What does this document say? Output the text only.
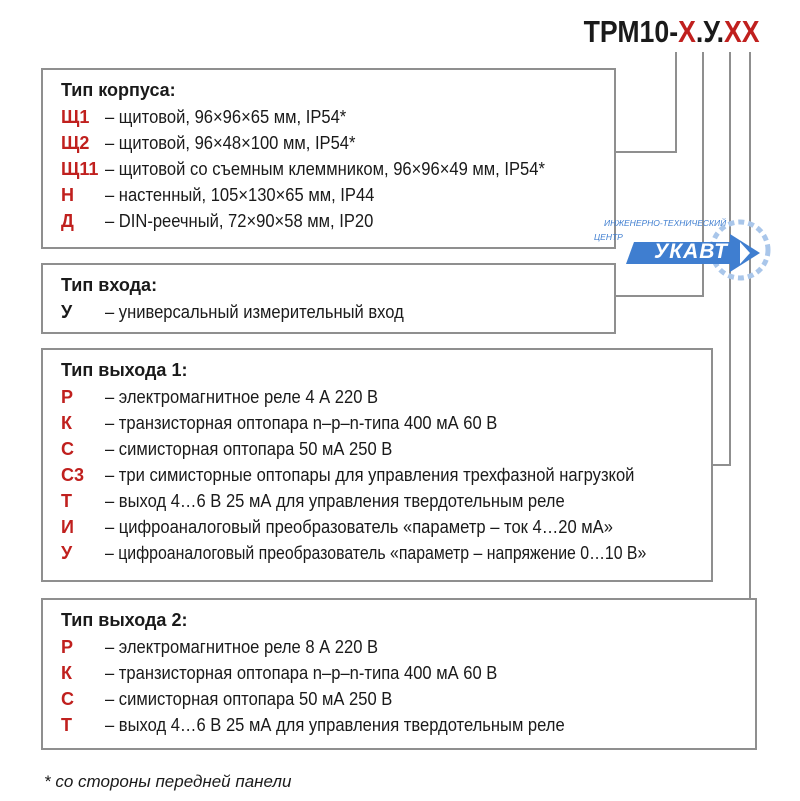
ТРМ10-Х.У.ХХ
Тип корпуса:
Щ1 – щитовой, 96×96×65 мм, IP54*
Щ2 – щитовой, 96×48×100 мм, IP54*
Щ11 – щитовой со съемным клеммником, 96×96×49 мм, IP54*
Н – настенный, 105×130×65 мм, IP44
Д – DIN-реечный, 72×90×58 мм, IP20
Тип входа:
У – универсальный измерительный вход
Тип выхода 1:
Р – электромагнитное реле 4 А 220 В
К – транзисторная оптопара n–p–n-типа 400 мА 60 В
С – симисторная оптопара 50 мА 250 В
С3 – три симисторные оптопары для управления трехфазной нагрузкой
Т – выход 4…6 В 25 мА для управления твердотельным реле
И – цифроаналоговый преобразователь «параметр – ток 4…20 мА»
У – цифроаналоговый преобразователь «параметр – напряжение 0…10 В»
Тип выхода 2:
Р – электромагнитное реле 8 А 220 В
К – транзисторная оптопара n–p–n-типа 400 мА 60 В
С – симисторная оптопара 50 мА 250 В
Т – выход 4…6 В 25 мА для управления твердотельным реле
ИНЖЕНЕРНО-ТЕХНИЧЕСКИЙ
ЦЕНТР
УКАВТ
* со стороны передней панели
